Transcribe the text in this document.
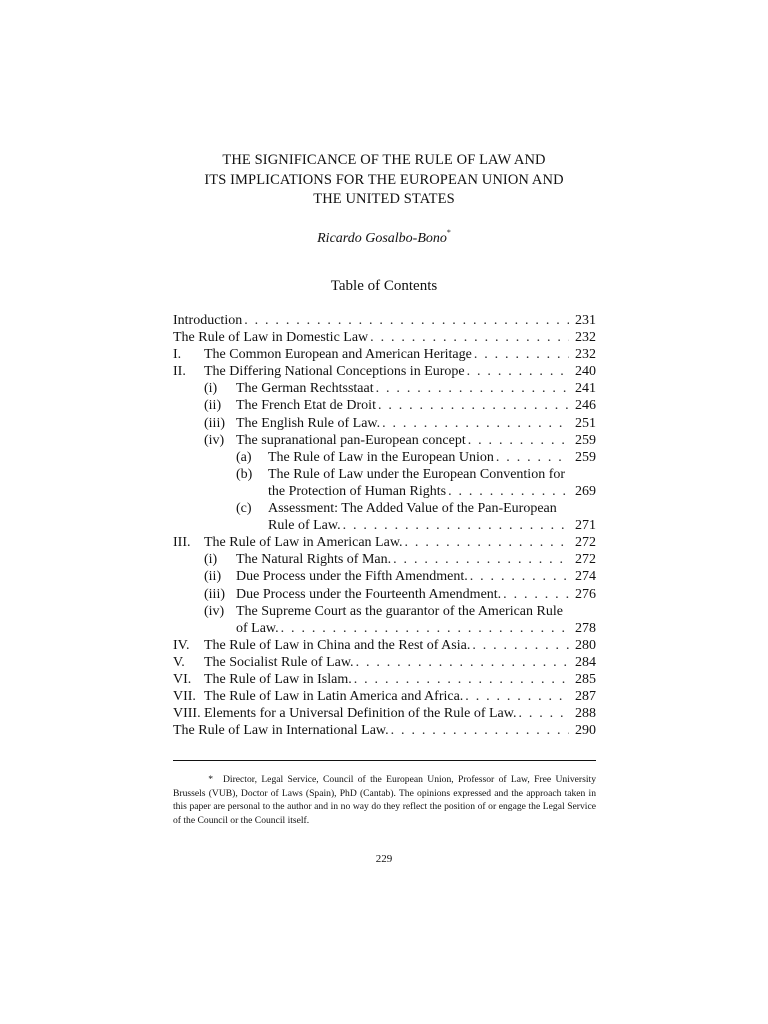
THE SIGNIFICANCE OF THE RULE OF LAW AND
ITS IMPLICATIONS FOR THE EUROPEAN UNION AND
THE UNITED STATES
Ricardo Gosalbo-Bono*
Table of Contents
Introduction . . .	231
The Rule of Law in Domestic Law . . .	232
I.	The Common European and American Heritage . . .	232
II.	The Differing National Conceptions in Europe . . .	240
(i)	The German Rechtsstaat . . .	241
(ii)	The French Etat de Droit . . .	246
(iii) The English Rule of Law. . . .	251
(iv) The supranational pan-European concept . . .	259
(a)	The Rule of Law in the European Union . . .	259
(b)	The Rule of Law under the European Convention for
the Protection of Human Rights . . .	269
(c)	Assessment: The Added Value of the Pan-European
Rule of Law. . . .	271
III. The Rule of Law in American Law. . . .	272
(i)	The Natural Rights of Man. . . .	272
(ii)	Due Process under the Fifth Amendment. . . .	274
(iii) Due Process under the Fourteenth Amendment. . . .	276
(iv) The Supreme Court as the guarantor of the American Rule
of Law. . . .	278
IV.	The Rule of Law in China and the Rest of Asia. . . .	280
V.	The Socialist Rule of Law. . . .	284
VI. The Rule of Law in Islam. . . .	285
VII. The Rule of Law in Latin America and Africa. . . .	287
VIII. Elements for a Universal Definition of the Rule of Law. . . .	288
The Rule of Law in International Law. . . .	290
* Director, Legal Service, Council of the European Union, Professor of Law, Free University Brussels (VUB), Doctor of Laws (Spain), PhD (Cantab). The opinions expressed and the approach taken in this paper are personal to the author and in no way do they reflect the position of or engage the Legal Service of the Council or the Council itself.
229
